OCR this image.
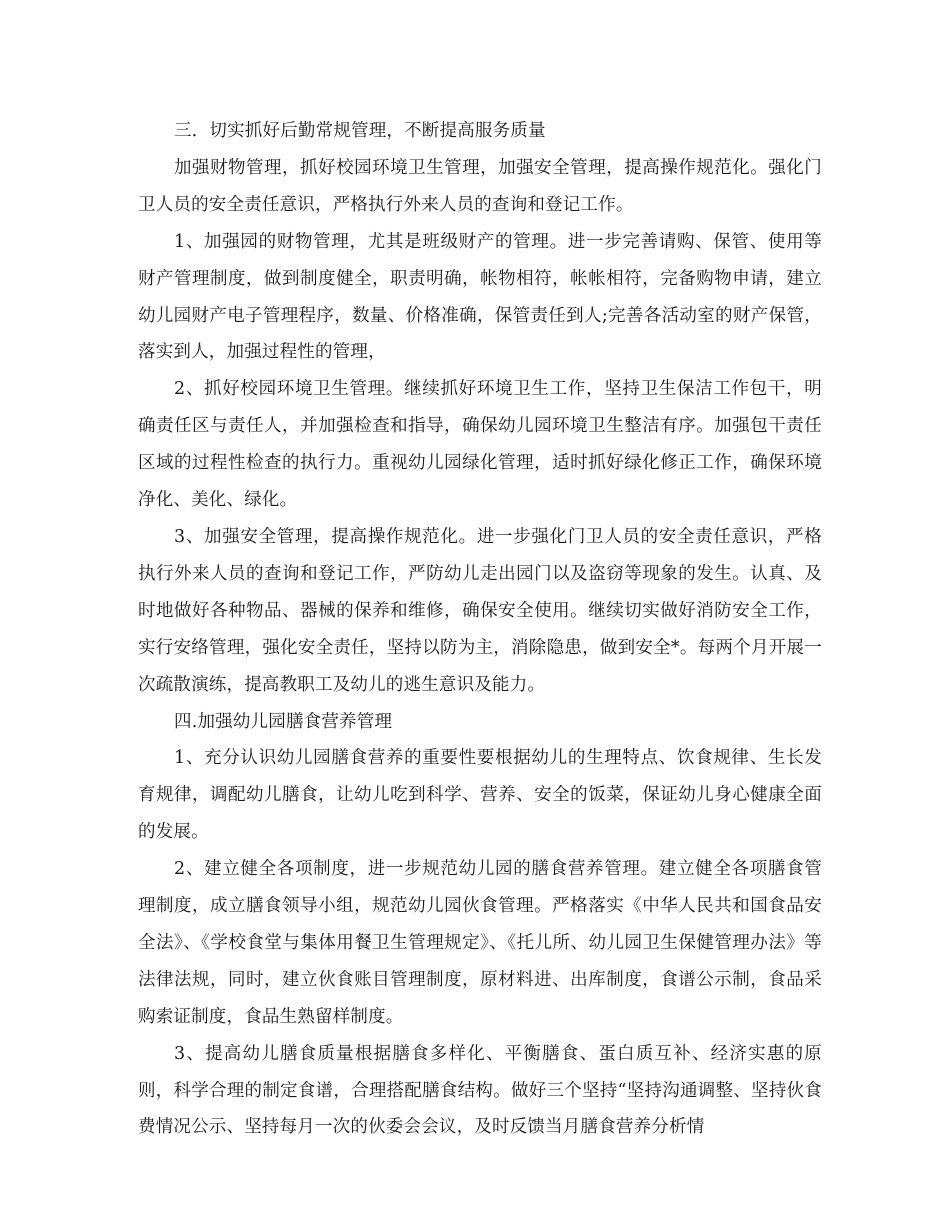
三．切实抓好后勤常规管理，不断提高服务质量

加强财物管理，抓好校园环境卫生管理，加强安全管理，提高操作规范化。强化门卫人员的安全责任意识，严格执行外来人员的查询和登记工作。

1、加强园的财物管理，尤其是班级财产的管理。进一步完善请购、保管、使用等财产管理制度，做到制度健全，职责明确，帐物相符，帐帐相符，完备购物申请，建立幼儿园财产电子管理程序，数量、价格准确，保管责任到人;完善各活动室的财产保管，落实到人，加强过程性的管理，

2、抓好校园环境卫生管理。继续抓好环境卫生工作，坚持卫生保洁工作包干，明确责任区与责任人，并加强检查和指导，确保幼儿园环境卫生整洁有序。加强包干责任区域的过程性检查的执行力。重视幼儿园绿化管理，适时抓好绿化修正工作，确保环境净化、美化、绿化。

3、加强安全管理，提高操作规范化。进一步强化门卫人员的安全责任意识，严格执行外来人员的查询和登记工作，严防幼儿走出园门以及盗窃等现象的发生。认真、及时地做好各种物品、器械的保养和维修，确保安全使用。继续切实做好消防安全工作，实行安络管理，强化安全责任，坚持以防为主，消除隐患，做到安全*。每两个月开展一次疏散演练，提高教职工及幼儿的逃生意识及能力。

四.加强幼儿园膳食营养管理

1、充分认识幼儿园膳食营养的重要性要根据幼儿的生理特点、饮食规律、生长发育规律，调配幼儿膳食，让幼儿吃到科学、营养、安全的饭菜，保证幼儿身心健康全面的发展。

2、建立健全各项制度，进一步规范幼儿园的膳食营养管理。建立健全各项膳食管理制度，成立膳食领导小组，规范幼儿园伙食管理。严格落实《中华人民共和国食品安全法》、《学校食堂与集体用餐卫生管理规定》、《托儿所、幼儿园卫生保健管理办法》等法律法规，同时，建立伙食账目管理制度，原材料进、出库制度，食谱公示制，食品采购索证制度，食品生熟留样制度。

3、提高幼儿膳食质量根据膳食多样化、平衡膳食、蛋白质互补、经济实惠的原则，科学合理的制定食谱，合理搭配膳食结构。做好三个坚持“坚持沟通调整、坚持伙食费情况公示、坚持每月一次的伙委会会议，及时反馈当月膳食营养分析情
